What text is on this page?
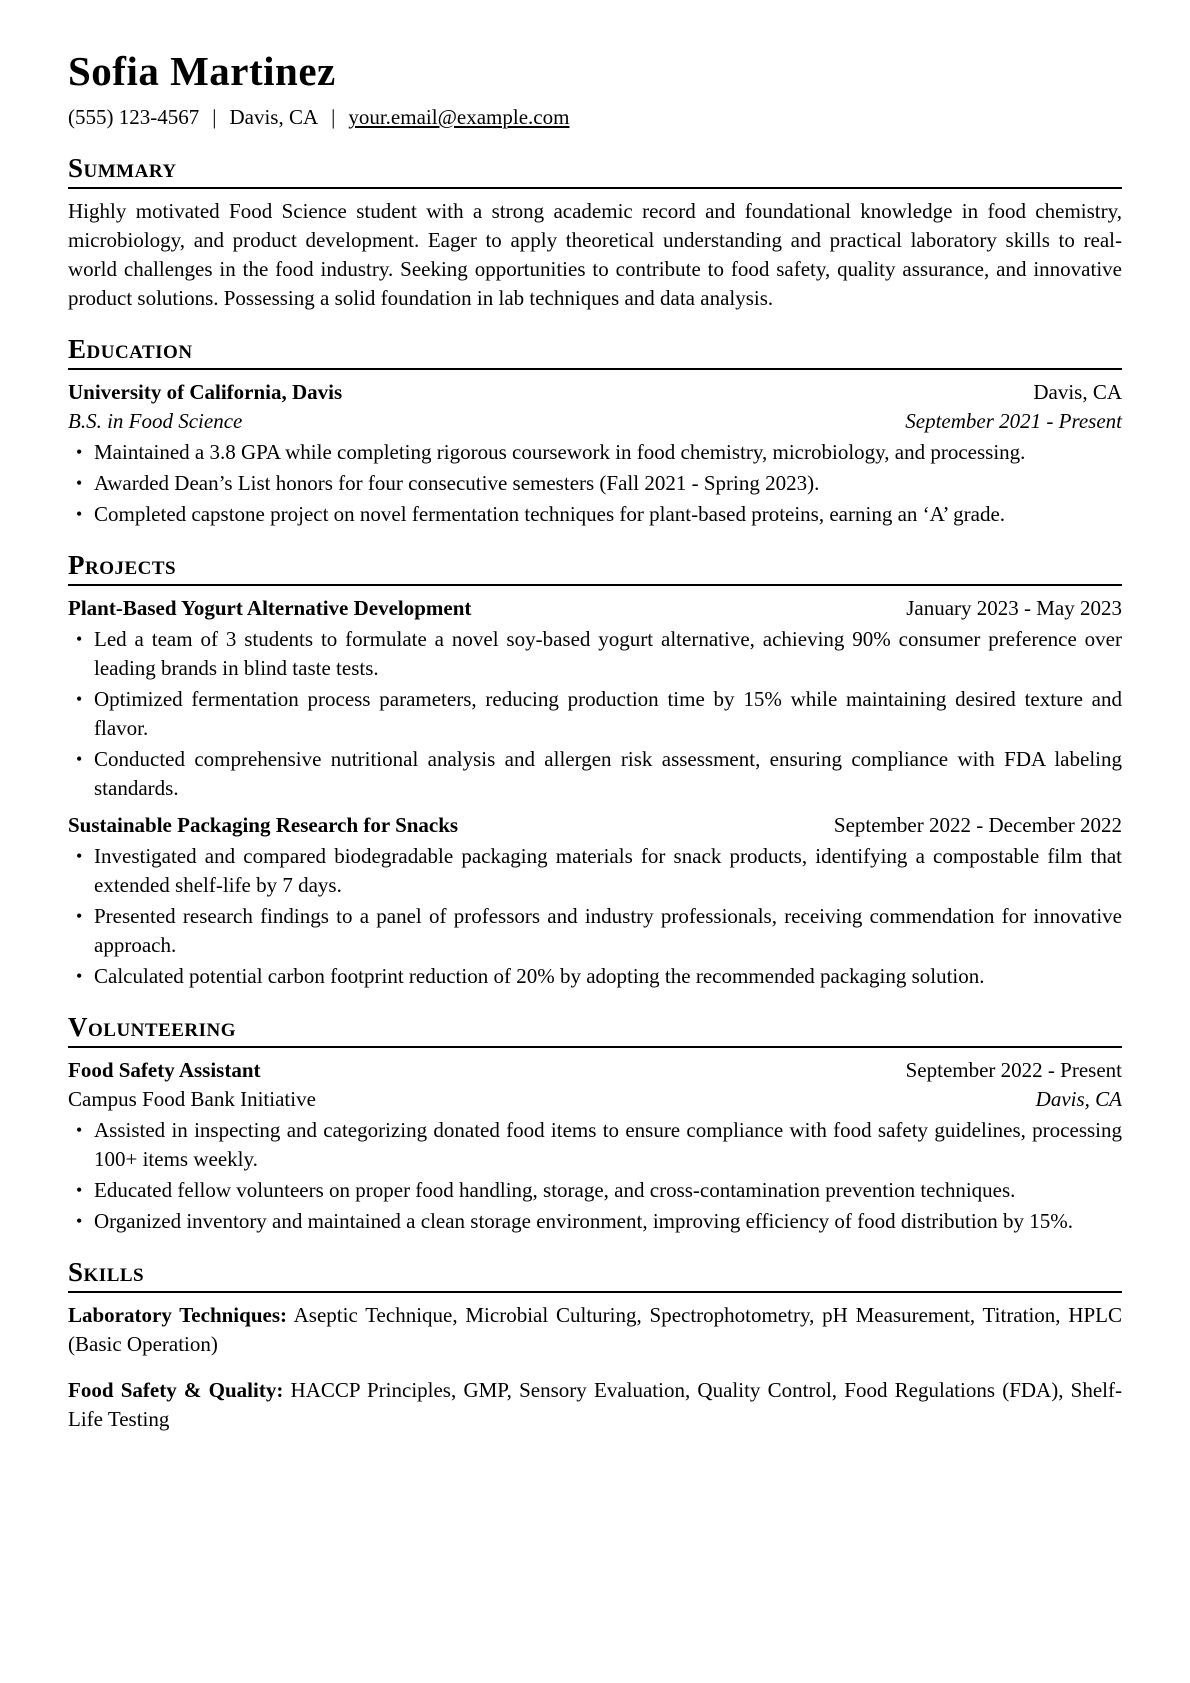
Sofia Martinez
(555) 123-4567 | Davis, CA | your.email@example.com
Summary

Highly motivated Food Science student with a strong academic record and foundational knowledge in food chemistry, microbiology, and product development. Eager to apply theoretical understanding and practical laboratory skills to real-world challenges in the food industry. Seeking opportunities to contribute to food safety, quality assurance, and innovative product solutions. Possessing a solid foundation in lab techniques and data analysis.

Education
University of California, Davis	Davis, CA
B.S. in Food Science	September 2021 - Present
• Maintained a 3.8 GPA while completing rigorous coursework in food chemistry, microbiology, and processing.
• Awarded Dean’s List honors for four consecutive semesters (Fall 2021 - Spring 2023).
• Completed capstone project on novel fermentation techniques for plant-based proteins, earning an ‘A’ grade.
Projects
Plant-Based Yogurt Alternative Development	January 2023 - May 2023
• Led a team of 3 students to formulate a novel soy-based yogurt alternative, achieving 90% consumer preference over leading brands in blind taste tests.
• Optimized fermentation process parameters, reducing production time by 15% while maintaining desired texture and flavor.
• Conducted comprehensive nutritional analysis and allergen risk assessment, ensuring compliance with FDA labeling standards.
Sustainable Packaging Research for Snacks	September 2022 - December 2022
• Investigated and compared biodegradable packaging materials for snack products, identifying a compostable film that extended shelf-life by 7 days.
• Presented research findings to a panel of professors and industry professionals, receiving commendation for innovative approach.
• Calculated potential carbon footprint reduction of 20% by adopting the recommended packaging solution.
Volunteering
Food Safety Assistant	September 2022 - Present
Campus Food Bank Initiative	Davis, CA
• Assisted in inspecting and categorizing donated food items to ensure compliance with food safety guidelines, processing 100+ items weekly.
• Educated fellow volunteers on proper food handling, storage, and cross-contamination prevention techniques.
• Organized inventory and maintained a clean storage environment, improving efficiency of food distribution by 15%.
Skills

Laboratory Techniques: Aseptic Technique, Microbial Culturing, Spectrophotometry, pH Measurement, Titration, HPLC (Basic Operation)

Food Safety & Quality: HACCP Principles, GMP, Sensory Evaluation, Quality Control, Food Regulations (FDA), Shelf-Life Testing
